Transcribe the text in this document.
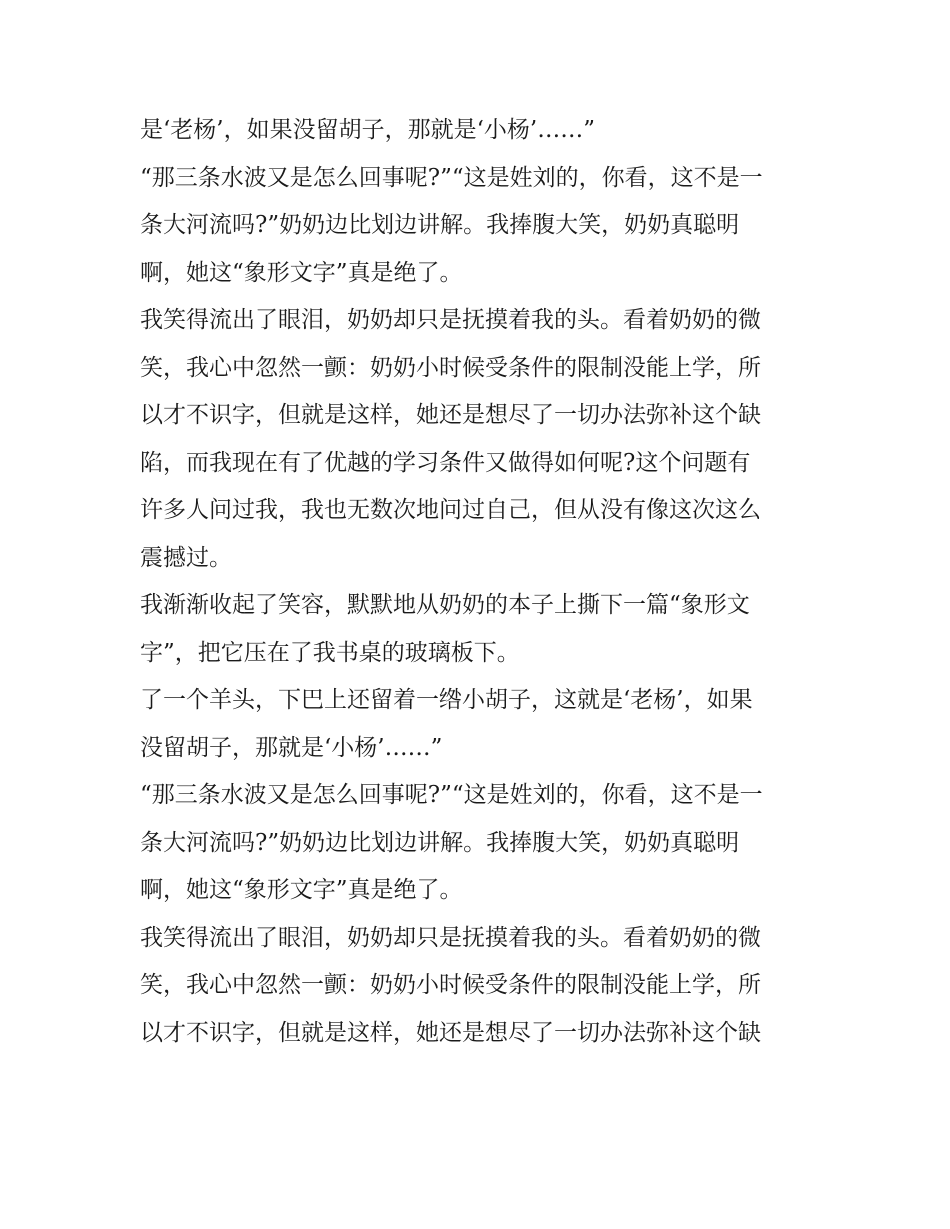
是‘老杨’，如果没留胡子，那就是‘小杨’……”
“那三条水波又是怎么回事呢?”“这是姓刘的，你看，这不是一
条大河流吗?”奶奶边比划边讲解。我捧腹大笑，奶奶真聪明
啊，她这“象形文字”真是绝了。
我笑得流出了眼泪，奶奶却只是抚摸着我的头。看着奶奶的微
笑，我心中忽然一颤：奶奶小时候受条件的限制没能上学，所
以才不识字，但就是这样，她还是想尽了一切办法弥补这个缺
陷，而我现在有了优越的学习条件又做得如何呢?这个问题有
许多人问过我，我也无数次地问过自己，但从没有像这次这么
震撼过。
我渐渐收起了笑容，默默地从奶奶的本子上撕下一篇“象形文
字”，把它压在了我书桌的玻璃板下。
了一个羊头，下巴上还留着一绺小胡子，这就是‘老杨’，如果
没留胡子，那就是‘小杨’……”
“那三条水波又是怎么回事呢?”“这是姓刘的，你看，这不是一
条大河流吗?”奶奶边比划边讲解。我捧腹大笑，奶奶真聪明
啊，她这“象形文字”真是绝了。
我笑得流出了眼泪，奶奶却只是抚摸着我的头。看着奶奶的微
笑，我心中忽然一颤：奶奶小时候受条件的限制没能上学，所
以才不识字，但就是这样，她还是想尽了一切办法弥补这个缺
